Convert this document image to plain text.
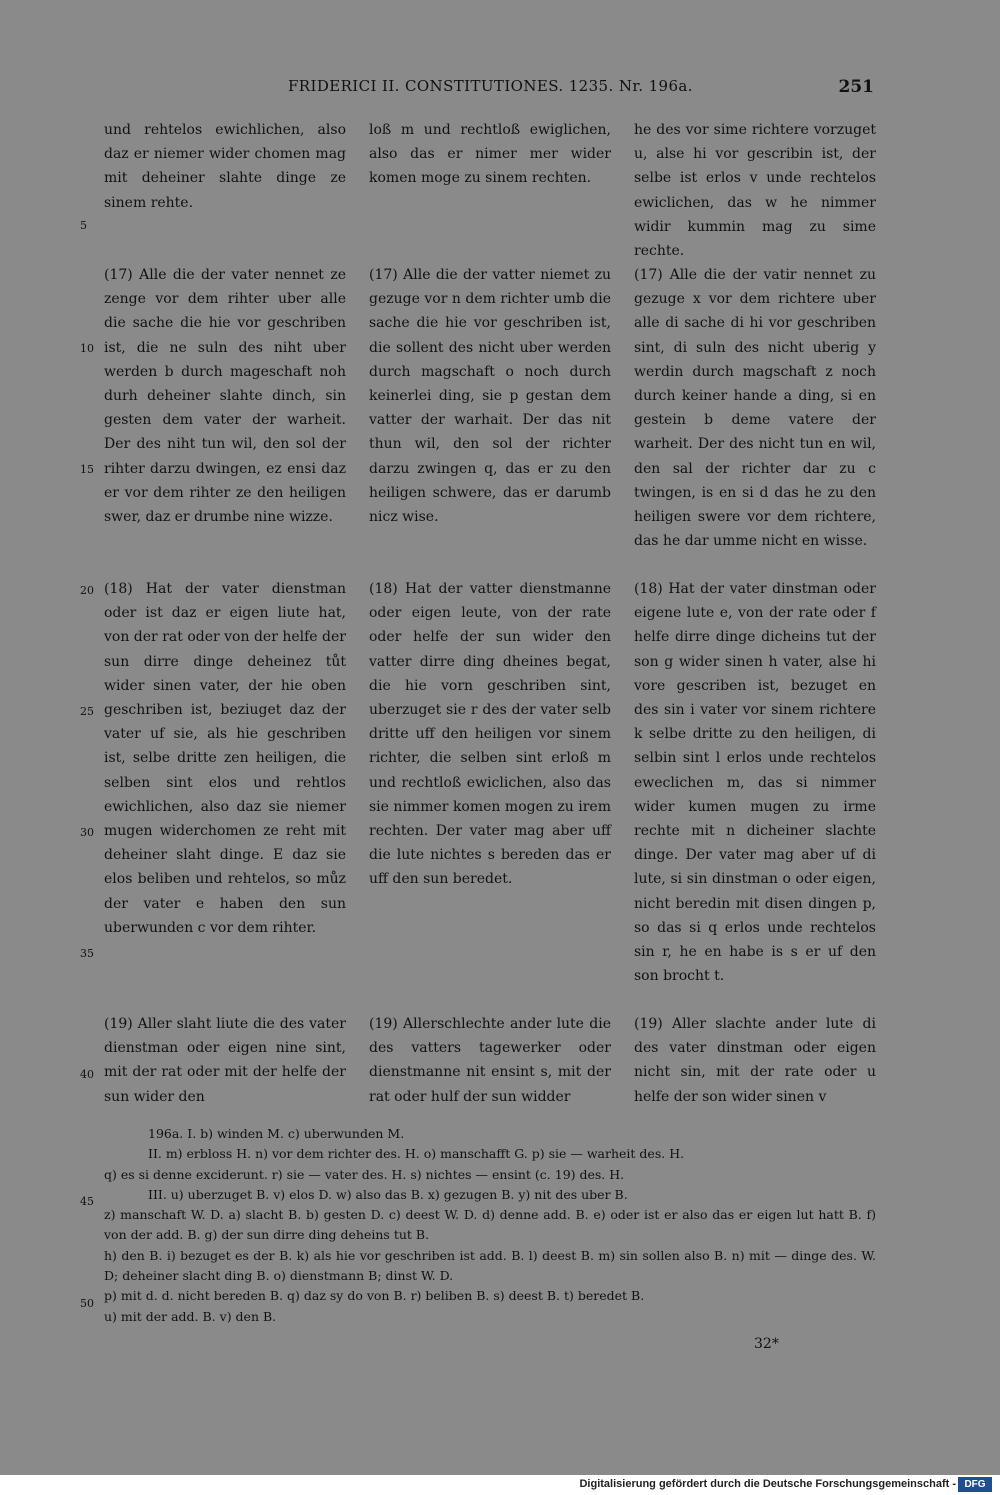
FRIDERICI II. CONSTITUTIONES. 1235. Nr. 196a.	251
5
10
15
20
25
30
35
40
45
50

und rehtelos ewichlichen, also daz er niemer wider chomen mag mit deheiner slahte dinge ze sinem rehte.

(17) Alle die der vater nennet ze zenge vor dem rihter uber alle die sache die hie vor geschriben ist, die ne suln des niht uber werden b durch mageschaft noh durh deheiner slahte dinch, sin gesten dem vater der warheit. Der des niht tun wil, den sol der rihter darzu dwingen, ez ensi daz er vor dem rihter ze den heiligen swer, daz er drumbe nine wizze.

(18) Hat der vater dienstman oder ist daz er eigen liute hat, von der rat oder von der helfe der sun dirre dinge deheinez tůt wider sinen vater, der hie oben geschriben ist, beziuget daz der vater uf sie, als hie geschriben ist, selbe dritte zen heiligen, die selben sint elos und rehtlos ewichlichen, also daz sie niemer mugen widerchomen ze reht mit deheiner slaht dinge. E daz sie elos beliben und rehtelos, so můz der vater e haben den sun uberwunden c vor dem rihter.

(19) Aller slaht liute die des vater dienstman oder eigen nine sint, mit der rat oder mit der helfe der sun wider den

loß m und rechtloß ewiglichen, also das er nimer mer wider komen moge zu sinem rechten.

(17) Alle die der vatter niemet zu gezuge vor n dem richter umb die sache die hie vor geschriben ist, die sollent des nicht uber werden durch magschaft o noch durch keinerlei ding, sie p gestan dem vatter der warhait. Der das nit thun wil, den sol der richter darzu zwingen q, das er zu den heiligen schwere, das er darumb nicz wise.

(18) Hat der vatter dienstmanne oder eigen leute, von der rate oder helfe der sun wider den vatter dirre ding dheines begat, die hie vorn geschriben sint, uberzuget sie r des der vater selb dritte uff den heiligen vor sinem richter, die selben sint erloß m und rechtloß ewiclichen, also das sie nimmer komen mogen zu irem rechten. Der vater mag aber uff die lute nichtes s bereden das er uff den sun beredet.

(19) Allerschlechte ander lute die des vatters tagewerker oder dienstmanne nit ensint s, mit der rat oder hulf der sun widder

he des vor sime richtere vorzuget u, alse hi vor gescribin ist, der selbe ist erlos v unde rechtelos ewiclichen, das w he nimmer widir kummin mag zu sime rechte.

(17) Alle die der vatir nennet zu gezuge x vor dem richtere uber alle di sache di hi vor geschriben sint, di suln des nicht uberig y werdin durch magschaft z noch durch keiner hande a ding, si en gestein b deme vatere der warheit. Der des nicht tun en wil, den sal der richter dar zu c twingen, is en si d das he zu den heiligen swere vor dem richtere, das he dar umme nicht en wisse.

(18) Hat der vater dinstman oder eigene lute e, von der rate oder f helfe dirre dinge dicheins tut der son g wider sinen h vater, alse hi vore gescriben ist, bezuget en des sin i vater vor sinem richtere k selbe dritte zu den heiligen, di selbin sint l erlos unde rechtelos eweclichen m, das si nimmer wider kumen mugen zu irme rechte mit n dicheiner slachte dinge. Der vater mag aber uf di lute, si sin dinstman o oder eigen, nicht beredin mit disen dingen p, so das si q erlos unde rechtelos sin r, he en habe is s er uf den son brocht t.

(19) Aller slachte ander lute di des vater dinstman oder eigen nicht sin, mit der rate oder u helfe der son wider sinen v

196a. I. b) winden M. c) uberwunden M.

II. m) erbloss H. n) vor dem richter des. H. o) manschafft G. p) sie — warheit des. H.

q) es si denne exciderunt. r) sie — vater des. H. s) nichtes — ensint (c. 19) des. H.

III. u) uberzuget B. v) elos D. w) also das B. x) gezugen B. y) nit des uber B.

z) manschaft W. D. a) slacht B. b) gesten D. c) deest W. D. d) denne add. B. e) oder ist er also das er eigen lut hatt B. f) von der add. B. g) der sun dirre ding deheins tut B.

h) den B. i) bezuget es der B. k) als hie vor geschriben ist add. B. l) deest B. m) sin sollen also B. n) mit — dinge des. W. D; deheiner slacht ding B. o) dienstmann B; dinst W. D.

p) mit d. d. nicht bereden B. q) daz sy do von B. r) beliben B. s) deest B. t) beredet B.

u) mit der add. B. v) den B.

32*
Digitalisierung gefördert durch die Deutsche Forschungsgemeinschaft - DFG
